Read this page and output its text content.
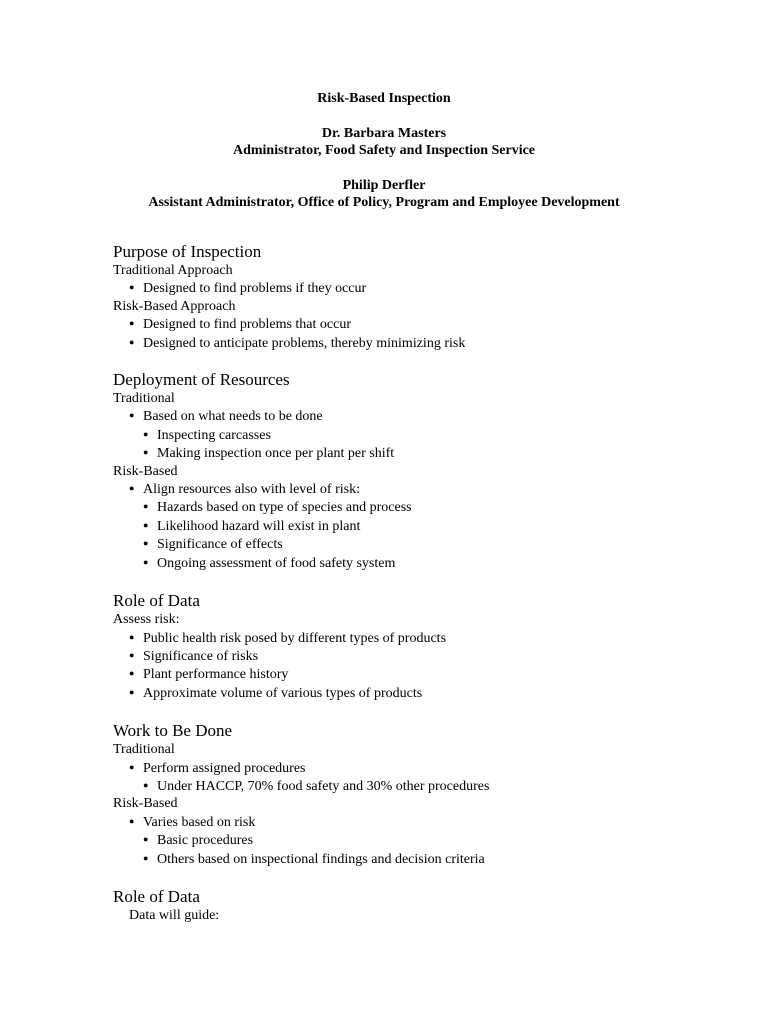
Risk-Based Inspection
Dr. Barbara Masters
Administrator, Food Safety and Inspection Service
Philip Derfler
Assistant Administrator, Office of Policy, Program and Employee Development
Purpose of Inspection
Traditional Approach
● Designed to find problems if they occur
Risk-Based Approach
● Designed to find problems that occur
● Designed to anticipate problems, thereby minimizing risk
Deployment of Resources
Traditional
● Based on what needs to be done
● Inspecting carcasses
● Making inspection once per plant per shift
Risk-Based
● Align resources also with level of risk:
● Hazards based on type of species and process
● Likelihood hazard will exist in plant
● Significance of effects
● Ongoing assessment of food safety system
Role of Data
Assess risk:
● Public health risk posed by different types of products
● Significance of risks
● Plant performance history
● Approximate volume of various types of products
Work to Be Done
Traditional
● Perform assigned procedures
● Under HACCP, 70% food safety and 30% other procedures
Risk-Based
● Varies based on risk
● Basic procedures
● Others based on inspectional findings and decision criteria
Role of Data
Data will guide:
